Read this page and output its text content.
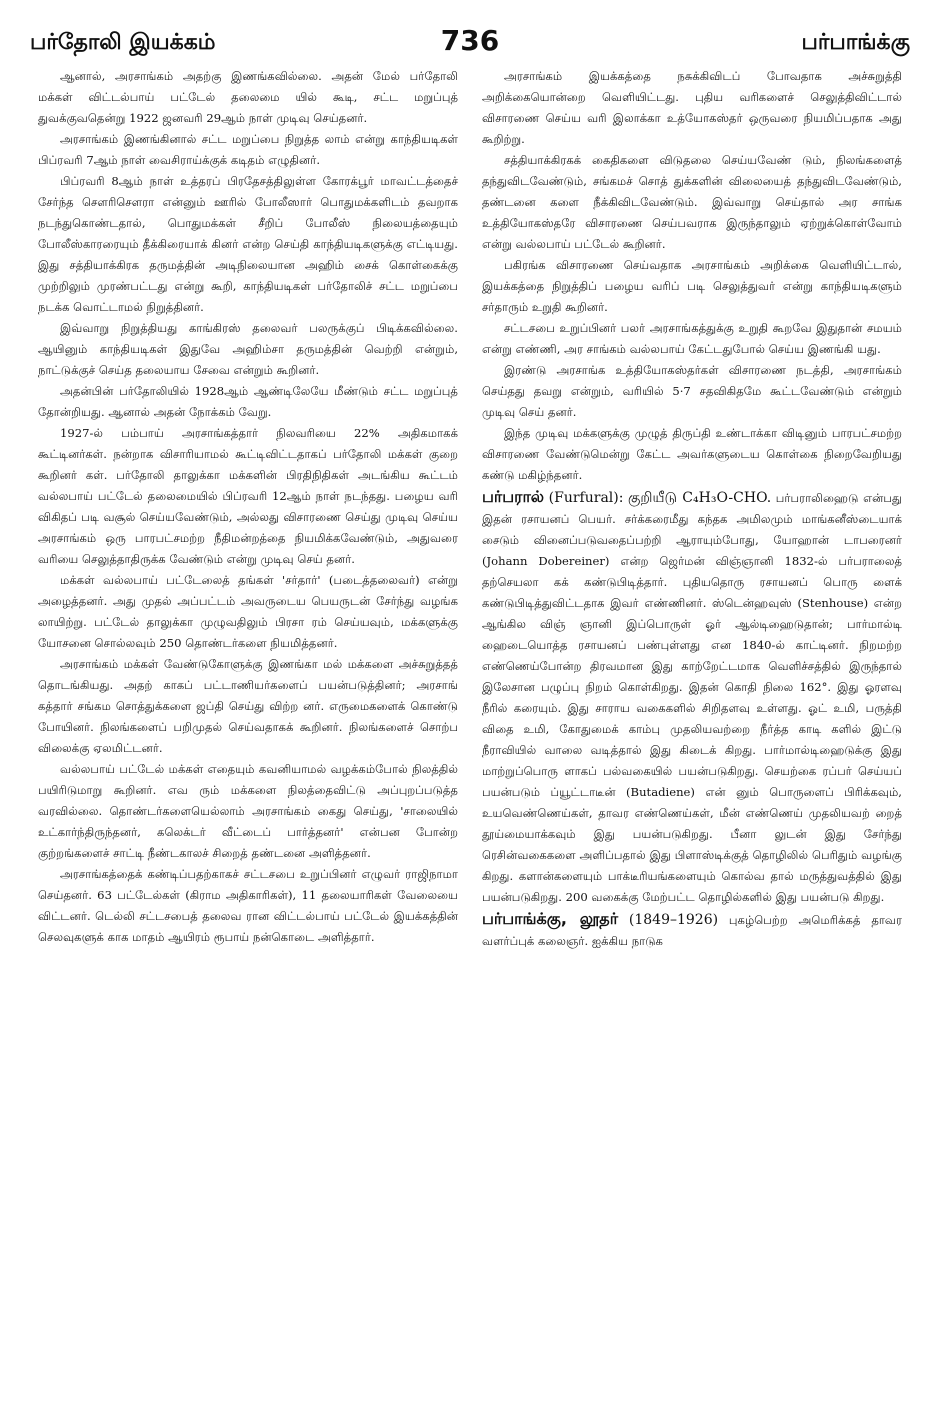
பர்தோலி இயக்கம்	736	பர்பாங்க்கு

ஆனால், அரசாங்கம் அதற்கு இணங்கவில்லை. அதன் மேல் பர்தோலி மக்கள் விட்டல்பாய் பட்டேல் தலைமை யில் கூடி, சட்ட மறுப்புத் துவக்குவதென்று 1922 ஜனவரி 29ஆம் நாள் முடிவு செய்தனர்.

அரசாங்கம் இணங்கினால் சட்ட மறுப்பை நிறுத்த லாம் என்று காந்தியடிகள் பிப்ரவரி 7ஆம் நாள் வைசிராய்க்குக் கடிதம் எழுதினர்.

பிப்ரவரி 8ஆம் நாள் உத்தரப் பிரதேசத்திலுள்ள கோரக்பூர் மாவட்டத்தைச் சேர்ந்த சௌரிசௌரா என்னும் ஊரில் போலீஸார் பொதுமக்களிடம் தவறாக நடந்துகொண்டதால், பொதுமக்கள் சீறிப் போலீஸ் நிலையத்தையும் போலீஸ்காரரையும் தீக்கிரையாக் கினர் என்ற செய்தி காந்தியடிகளுக்கு எட்டியது. இது சத்தியாக்கிரக தருமத்தின் அடிநிலையான அஹிம் சைக் கொள்கைக்கு முற்றிலும் முரண்பட்டது என்று கூறி, காந்தியடிகள் பர்தோலிச் சட்ட மறுப்பை நடக்க வொட்டாமல் நிறுத்தினர்.

இவ்வாறு நிறுத்தியது காங்கிரஸ் தலைவர் பலருக்குப் பிடிக்கவில்லை. ஆயினும் காந்தியடிகள் இதுவே அஹிம்சா தருமத்தின் வெற்றி என்றும், நாட்டுக்குச் செய்த தலையாய சேவை என்றும் கூறினர்.

அதன்பின் பர்தோலியில் 1928ஆம் ஆண்டிலேயே மீண்டும் சட்ட மறுப்புத் தோன்றியது. ஆனால் அதன் நோக்கம் வேறு.

1927-ல் பம்பாய் அரசாங்கத்தார் நிலவரியை 22% அதிகமாகக் கூட்டினர்கள். நன்றாக விசாரியாமல் கூட்டிவிட்டதாகப் பர்தோலி மக்கள் குறை கூறினர் கள். பர்தோலி தாலுக்கா மக்களின் பிரதிநிதிகள் அடங்கிய கூட்டம் வல்லபாய் பட்டேல் தலைமையில் பிப்ரவரி 12ஆம் நாள் நடந்தது. பழைய வரி விகிதப் படி வசூல் செய்யவேண்டும், அல்லது விசாரணை செய்து முடிவு செய்ய அரசாங்கம் ஒரு பாரபட்சமற்ற நீதிமன்றத்தை நியமிக்கவேண்டும், அதுவரை வரியை செலுத்தாதிருக்க வேண்டும் என்று முடிவு செய் தனர்.

மக்கள் வல்லபாய் பட்டேலைத் தங்கள் 'சர்தார்' (படைத்தலைவர்) என்று அழைத்தனர். அது முதல் அப்பட்டம் அவருடைய பெயருடன் சேர்ந்து வழங்க லாயிற்று. பட்டேல் தாலுக்கா முழுவதிலும் பிரசா ரம் செய்யவும், மக்களுக்கு யோசனை சொல்லவும் 250 தொண்டர்களை நியமித்தனர்.

அரசாங்கம் மக்கள் வேண்டுகோளுக்கு இணங்கா மல் மக்களை அச்சுறுத்தத் தொடங்கியது. அதற் காகப் பட்டாணியர்களைப் பயன்படுத்தினர்; அரசாங் கத்தார் சங்கம சொத்துக்களை ஜப்தி செய்து விற்ற னர். எருமைகளைக் கொண்டு போயினர். நிலங்களைப் பறிமுதல் செய்வதாகக் கூறினர். நிலங்களைச் சொற்ப விலைக்கு ஏலமிட்டனர்.

வல்லபாய் பட்டேல் மக்கள் எதையும் கவனியாமல் வழக்கம்போல் நிலத்தில் பயிரிடுமாறு கூறினர். எவ ரும் மக்களை நிலத்தைவிட்டு அப்புறப்படுத்த வரவில்லை. தொண்டர்களையெல்லாம் அரசாங்கம் கைது செய்து, 'சாலையில் உட்கார்ந்திருந்தனர், கலெக்டர் வீட்டைப் பார்த்தனர்' என்பன போன்ற குற்றங்களைச் சாட்டி நீண்டகாலச் சிறைத் தண்டனை அளித்தனர்.

அரசாங்கத்தைக் கண்டிப்பதற்காகச் சட்டசபை உறுப்பினர் எழுவர் ராஜிநாமா செய்தனர். 63 பட்டேல்கள் (கிராம அதிகாரிகள்), 11 தலையாரிகள் வேலையை விட்டனர். டெல்லி சட்டசபைத் தலைவ ரான விட்டல்பாய் பட்டேல் இயக்கத்தின் செலவுகளுக் காக மாதம் ஆயிரம் ரூபாய் நன்கொடை அளித்தார்.

அரசாங்கம் இயக்கத்தை நசுக்கிவிடப் போவதாக அச்சுறுத்தி அறிக்கையொன்றை வெளியிட்டது. புதிய வரிகளைச் செலுத்திவிட்டால் விசாரணை செய்ய வரி இலாக்கா உத்யோகஸ்தர் ஒருவரை நியமிப்பதாக அது கூறிற்று.

சத்தியாக்கிரகக் கைதிகளை விடுதலை செய்யவேண் டும், நிலங்களைத் தந்துவிடவேண்டும், சங்கமச் சொத் துக்களின் விலையைத் தந்துவிடவேண்டும், தண்டனை களை நீக்கிவிடவேண்டும். இவ்வாறு செய்தால் அர சாங்க உத்தியோகஸ்தரே விசாரணை செய்பவராக இருந்தாலும் ஏற்றுக்கொள்வோம் என்று வல்லபாய் பட்டேல் கூறினர்.

பகிரங்க விசாரணை செய்வதாக அரசாங்கம் அறிக்கை வெளியிட்டால், இயக்கத்தை நிறுத்திப் பழைய வரிப் படி செலுத்துவர் என்று காந்தியடிகளும் சர்தாரும் உறுதி கூறினர்.

சட்டசபை உறுப்பினர் பலர் அரசாங்கத்துக்கு உறுதி கூறவே இதுதான் சமயம் என்று எண்ணி, அர சாங்கம் வல்லபாய் கேட்டதுபோல் செய்ய இணங்கி யது.

இரண்டு அரசாங்க உத்தியோகஸ்தர்கள் விசாரணை நடத்தி, அரசாங்கம் செய்தது தவறு என்றும், வரியில் 5·7 சதவிகிதமே கூட்டவேண்டும் என்றும் முடிவு செய் தனர்.

இந்த முடிவு மக்களுக்கு முழுத் திருப்தி உண்டாக்கா விடினும் பாரபட்சமற்ற விசாரணை வேண்டுமென்று கேட்ட அவர்களுடைய கொள்கை நிறைவேறியது கண்டு மகிழ்ந்தனர்.

பர்பரால் (Furfural): குறியீடு C₄H₃O-CHO. பர்பராலிஹைடு என்பது இதன் ரசாயனப் பெயர். சர்க்கரைமீது கந்தக அமிலமும் மாங்கனீஸ்டையாக் சைடும் வினைப்படுவதைப்பற்றி ஆராயும்போது, யோஹான் டாபரைனர் (Johann Dobereiner) என்ற ஜெர்மன் விஞ்ஞானி 1832-ல் பர்பராலைத் தற்செயலா கக் கண்டுபிடித்தார். புதியதொரு ரசாயனப் பொரு ளைக் கண்டுபிடித்துவிட்டதாக இவர் எண்ணினர். ஸ்டென்ஹவுஸ் (Stenhouse) என்ற ஆங்கில விஞ் ஞானி இப்பொருள் ஓர் ஆல்டிஹைடுதான்; பார்மால்டி ஹைடையொத்த ரசாயனப் பண்புள்ளது என 1840-ல் காட்டினர். நிறமற்ற எண்ணெய்போன்ற திரவமான இது காற்றேட்டமாக வெளிச்சத்தில் இருந்தால் இலேசான பழுப்பு நிறம் கொள்கிறது. இதன் கொதி நிலை 162°. இது ஓரளவு நீரில் கரையும். இது சாராய வகைகளில் சிறிதளவு உள்ளது. ஓட் உமி, பருத்தி விதை உமி, கோதுமைக் காம்பு முதலியவற்றை நீர்த்த காடி களில் இட்டு நீராவியில் வாலை வடித்தால் இது கிடைக் கிறது. பார்மால்டிஹைடுக்கு இது மாற்றுப்பொரு ளாகப் பல்வகையில் பயன்படுகிறது. செயற்கை ரப்பர் செய்யப் பயன்படும் ப்யூட்டாடீன் (Butadiene) என் னும் பொருளைப் பிரிக்கவும், உயவெண்ணெய்கள், தாவர எண்ணெய்கள், மீன் எண்ணெய் முதலியவற் றைத் தூய்மையாக்கவும் இது பயன்படுகிறது. பீனா லுடன் இது சேர்ந்து ரெசின்வகைகளை அளிப்பதால் இது பிளாஸ்டிக்குத் தொழிலில் பெரிதும் வழங்கு கிறது. களான்களையும் பாக்டீரியங்களையும் கொல்வ தால் மருத்துவத்தில் இது பயன்படுகிறது. 200 வகைக்கு மேற்பட்ட தொழில்களில் இது பயன்படு கிறது.

பர்பாங்க்கு, லூதர் (1849–1926) புகழ்பெற்ற அமெரிக்கத் தாவர வளர்ப்புக் கலைஞர். ஐக்கிய நாடுக
